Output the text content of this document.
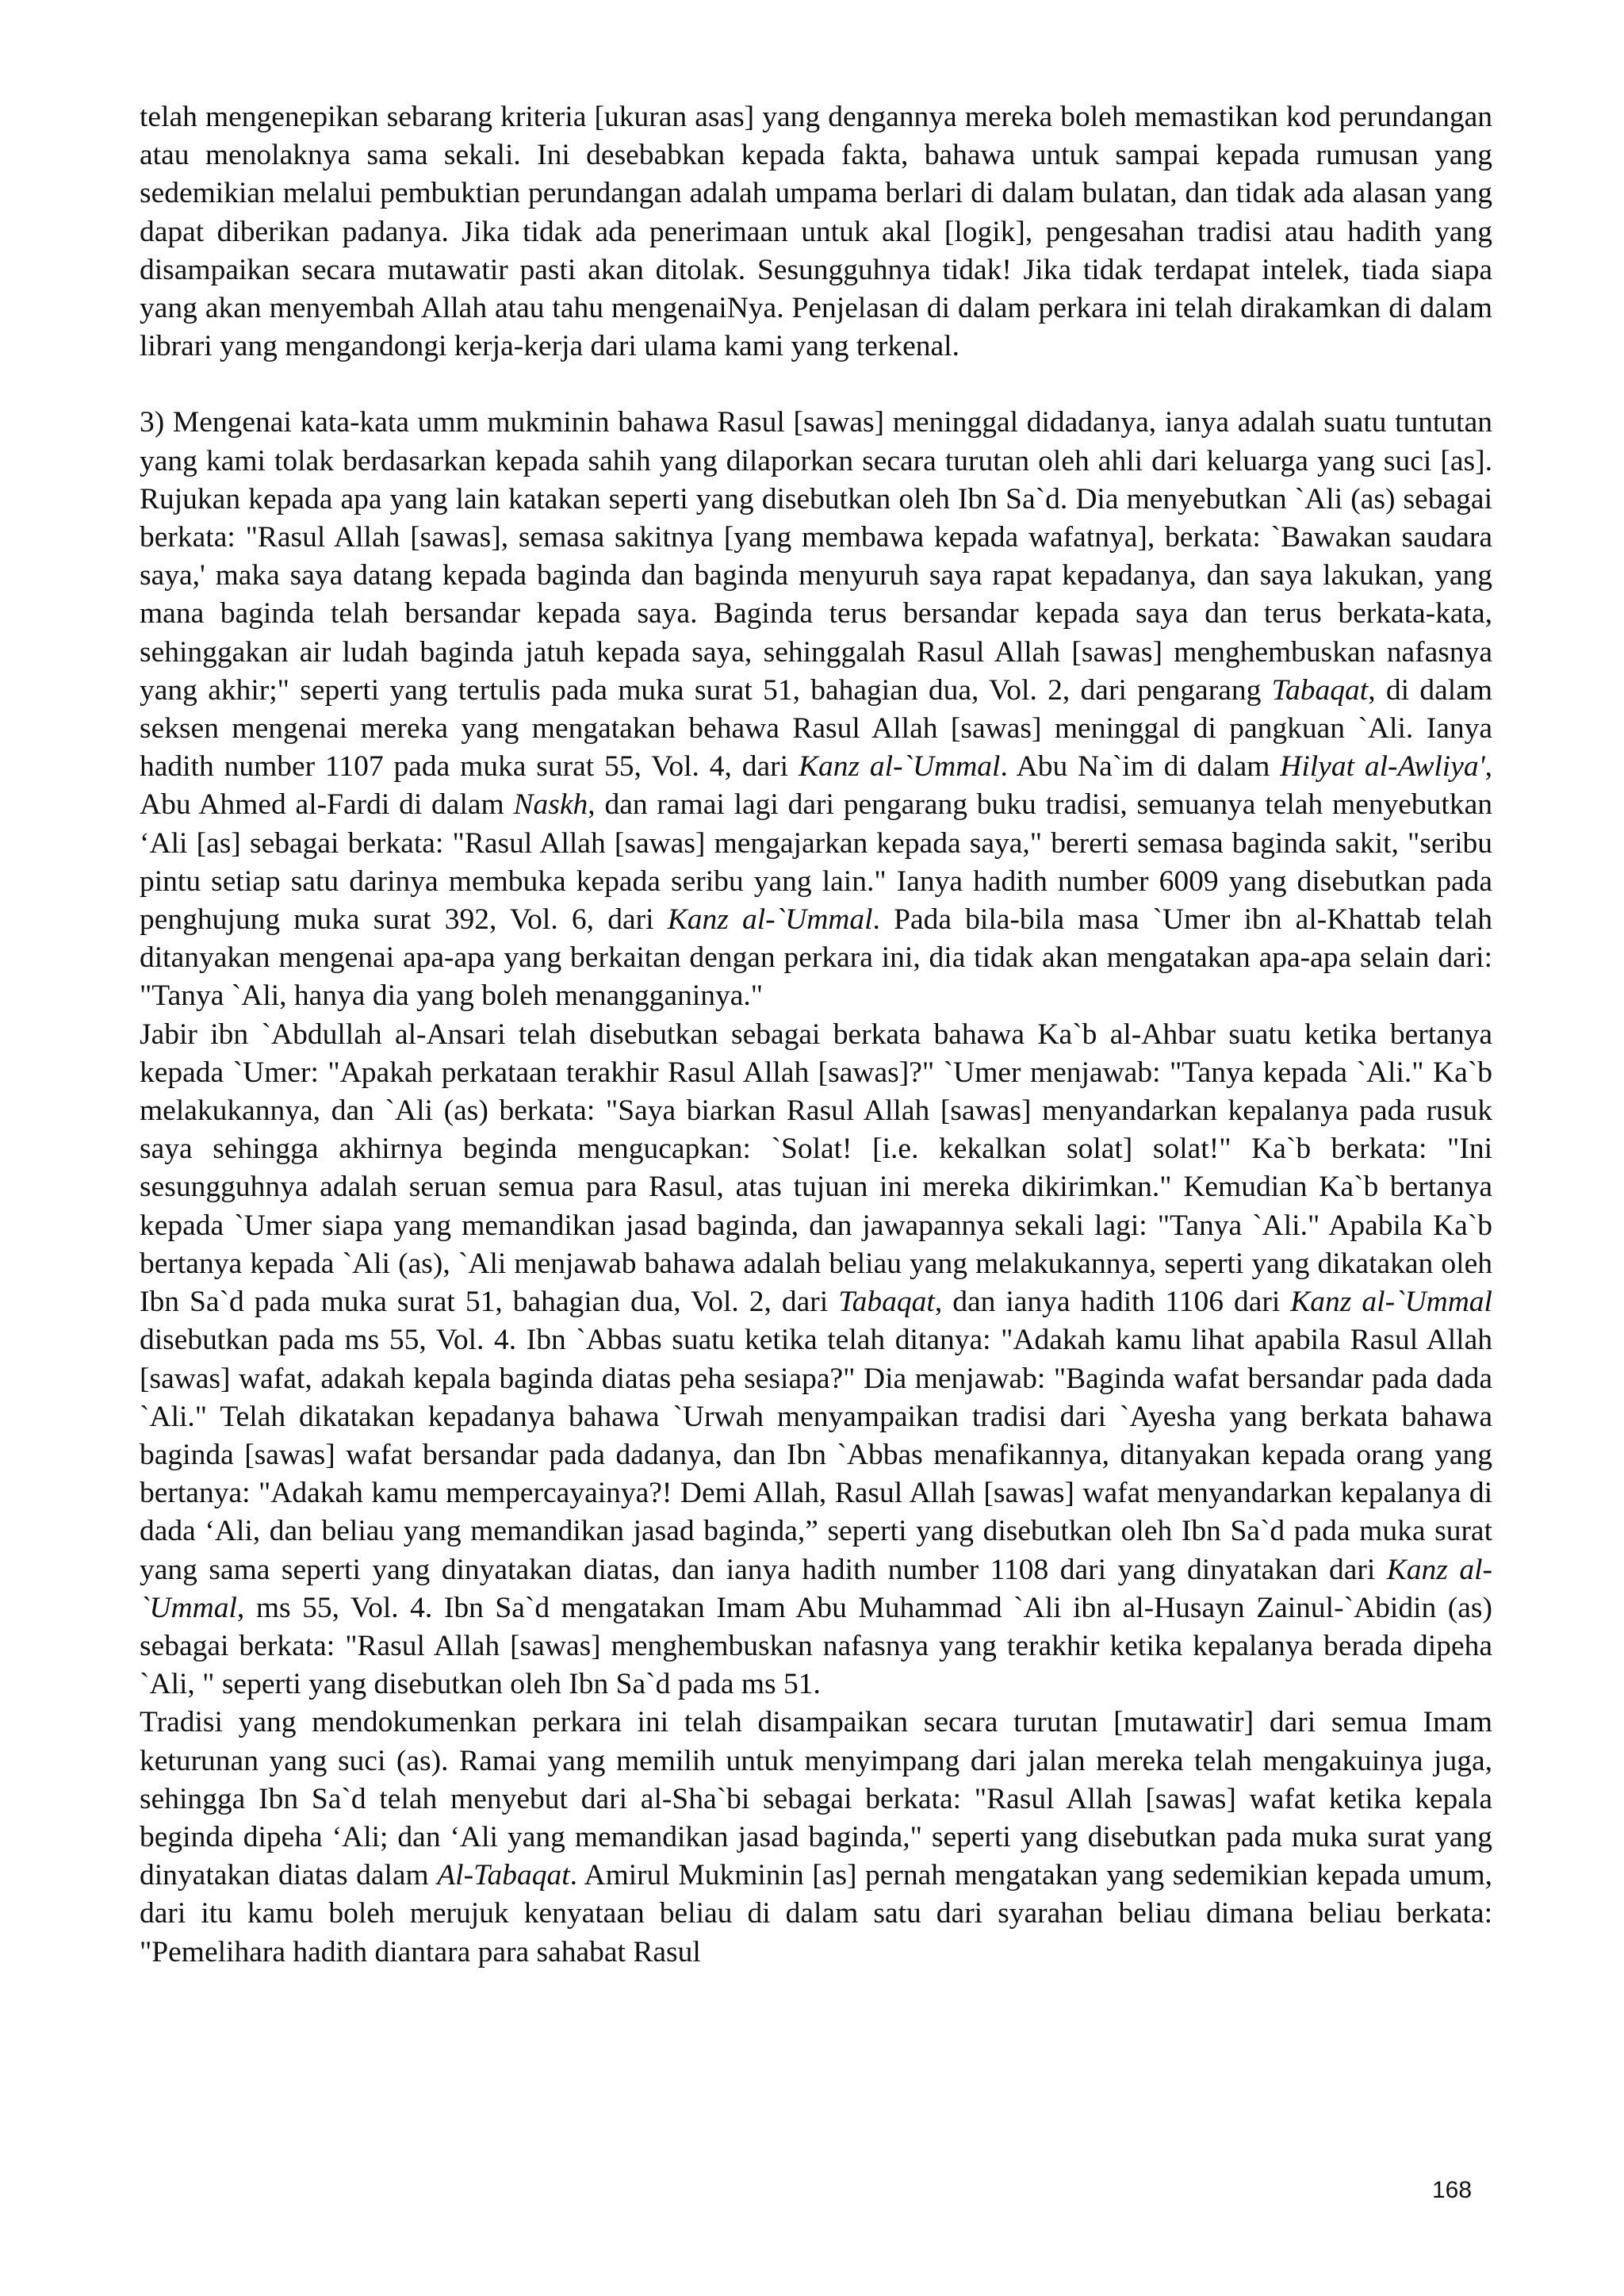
telah mengenepikan sebarang kriteria [ukuran asas] yang dengannya mereka boleh memastikan kod perundangan atau menolaknya sama sekali. Ini desebabkan kepada fakta, bahawa untuk sampai kepada rumusan yang sedemikian melalui pembuktian perundangan adalah umpama berlari di dalam bulatan, dan tidak ada alasan yang dapat diberikan padanya. Jika tidak ada penerimaan untuk akal [logik], pengesahan tradisi atau hadith yang disampaikan secara mutawatir pasti akan ditolak. Sesungguhnya tidak! Jika tidak terdapat intelek, tiada siapa yang akan menyembah Allah atau tahu mengenaiNya. Penjelasan di dalam perkara ini telah dirakamkan di dalam librari yang mengandongi kerja-kerja dari ulama kami yang terkenal.

3) Mengenai kata-kata umm mukminin bahawa Rasul [sawas] meninggal didadanya, ianya adalah suatu tuntutan yang kami tolak berdasarkan kepada sahih yang dilaporkan secara turutan oleh ahli dari keluarga yang suci [as]. Rujukan kepada apa yang lain katakan seperti yang disebutkan oleh Ibn Sa`d. Dia menyebutkan `Ali (as) sebagai berkata: "Rasul Allah [sawas], semasa sakitnya [yang membawa kepada wafatnya], berkata: `Bawakan saudara saya,' maka saya datang kepada baginda dan baginda menyuruh saya rapat kepadanya, dan saya lakukan, yang mana baginda telah bersandar kepada saya. Baginda terus bersandar kepada saya dan terus berkata-kata, sehinggakan air ludah baginda jatuh kepada saya, sehinggalah Rasul Allah [sawas] menghembuskan nafasnya yang akhir;" seperti yang tertulis pada muka surat 51, bahagian dua, Vol. 2, dari pengarang Tabaqat, di dalam seksen mengenai mereka yang mengatakan behawa Rasul Allah [sawas] meninggal di pangkuan `Ali. Ianya hadith number 1107 pada muka surat 55, Vol. 4, dari Kanz al-`Ummal. Abu Na`im di dalam Hilyat al-Awliya', Abu Ahmed al-Fardi di dalam Naskh, dan ramai lagi dari pengarang buku tradisi, semuanya telah menyebutkan ‘Ali [as] sebagai berkata: "Rasul Allah [sawas] mengajarkan kepada saya," bererti semasa baginda sakit, "seribu pintu setiap satu darinya membuka kepada seribu yang lain." Ianya hadith number 6009 yang disebutkan pada penghujung muka surat 392, Vol. 6, dari Kanz al-`Ummal. Pada bila-bila masa `Umer ibn al-Khattab telah ditanyakan mengenai apa-apa yang berkaitan dengan perkara ini, dia tidak akan mengatakan apa-apa selain dari: "Tanya `Ali, hanya dia yang boleh menangganinya."

Jabir ibn `Abdullah al-Ansari telah disebutkan sebagai berkata bahawa Ka`b al-Ahbar suatu ketika bertanya kepada `Umer: "Apakah perkataan terakhir Rasul Allah [sawas]?" `Umer menjawab: "Tanya kepada `Ali." Ka`b melakukannya, dan `Ali (as) berkata: "Saya biarkan Rasul Allah [sawas] menyandarkan kepalanya pada rusuk saya sehingga akhirnya beginda mengucapkan: `Solat! [i.e. kekalkan solat] solat!" Ka`b berkata: "Ini sesungguhnya adalah seruan semua para Rasul, atas tujuan ini mereka dikirimkan." Kemudian Ka`b bertanya kepada `Umer siapa yang memandikan jasad baginda, dan jawapannya sekali lagi: "Tanya `Ali." Apabila Ka`b bertanya kepada `Ali (as), `Ali menjawab bahawa adalah beliau yang melakukannya, seperti yang dikatakan oleh Ibn Sa`d pada muka surat 51, bahagian dua, Vol. 2, dari Tabaqat, dan ianya hadith 1106 dari Kanz al-`Ummal disebutkan pada ms 55, Vol. 4. Ibn `Abbas suatu ketika telah ditanya: "Adakah kamu lihat apabila Rasul Allah [sawas] wafat, adakah kepala baginda diatas peha sesiapa?" Dia menjawab: "Baginda wafat bersandar pada dada `Ali." Telah dikatakan kepadanya bahawa `Urwah menyampaikan tradisi dari `Ayesha yang berkata bahawa baginda [sawas] wafat bersandar pada dadanya, dan Ibn `Abbas menafikannya, ditanyakan kepada orang yang bertanya: "Adakah kamu mempercayainya?! Demi Allah, Rasul Allah [sawas] wafat menyandarkan kepalanya di dada ‘Ali, dan beliau yang memandikan jasad baginda,” seperti yang disebutkan oleh Ibn Sa`d pada muka surat yang sama seperti yang dinyatakan diatas, dan ianya hadith number 1108 dari yang dinyatakan dari Kanz al-`Ummal, ms 55, Vol. 4. Ibn Sa`d mengatakan Imam Abu Muhammad `Ali ibn al-Husayn Zainul-`Abidin (as) sebagai berkata: "Rasul Allah [sawas] menghembuskan nafasnya yang terakhir ketika kepalanya berada dipeha `Ali, " seperti yang disebutkan oleh Ibn Sa`d pada ms 51.

Tradisi yang mendokumenkan perkara ini telah disampaikan secara turutan [mutawatir] dari semua Imam keturunan yang suci (as). Ramai yang memilih untuk menyimpang dari jalan mereka telah mengakuinya juga, sehingga Ibn Sa`d telah menyebut dari al-Sha`bi sebagai berkata: "Rasul Allah [sawas] wafat ketika kepala beginda dipeha ‘Ali; dan ‘Ali yang memandikan jasad baginda," seperti yang disebutkan pada muka surat yang dinyatakan diatas dalam Al-Tabaqat. Amirul Mukminin [as] pernah mengatakan yang sedemikian kepada umum, dari itu kamu boleh merujuk kenyataan beliau di dalam satu dari syarahan beliau dimana beliau berkata: "Pemelihara hadith diantara para sahabat Rasul

168
